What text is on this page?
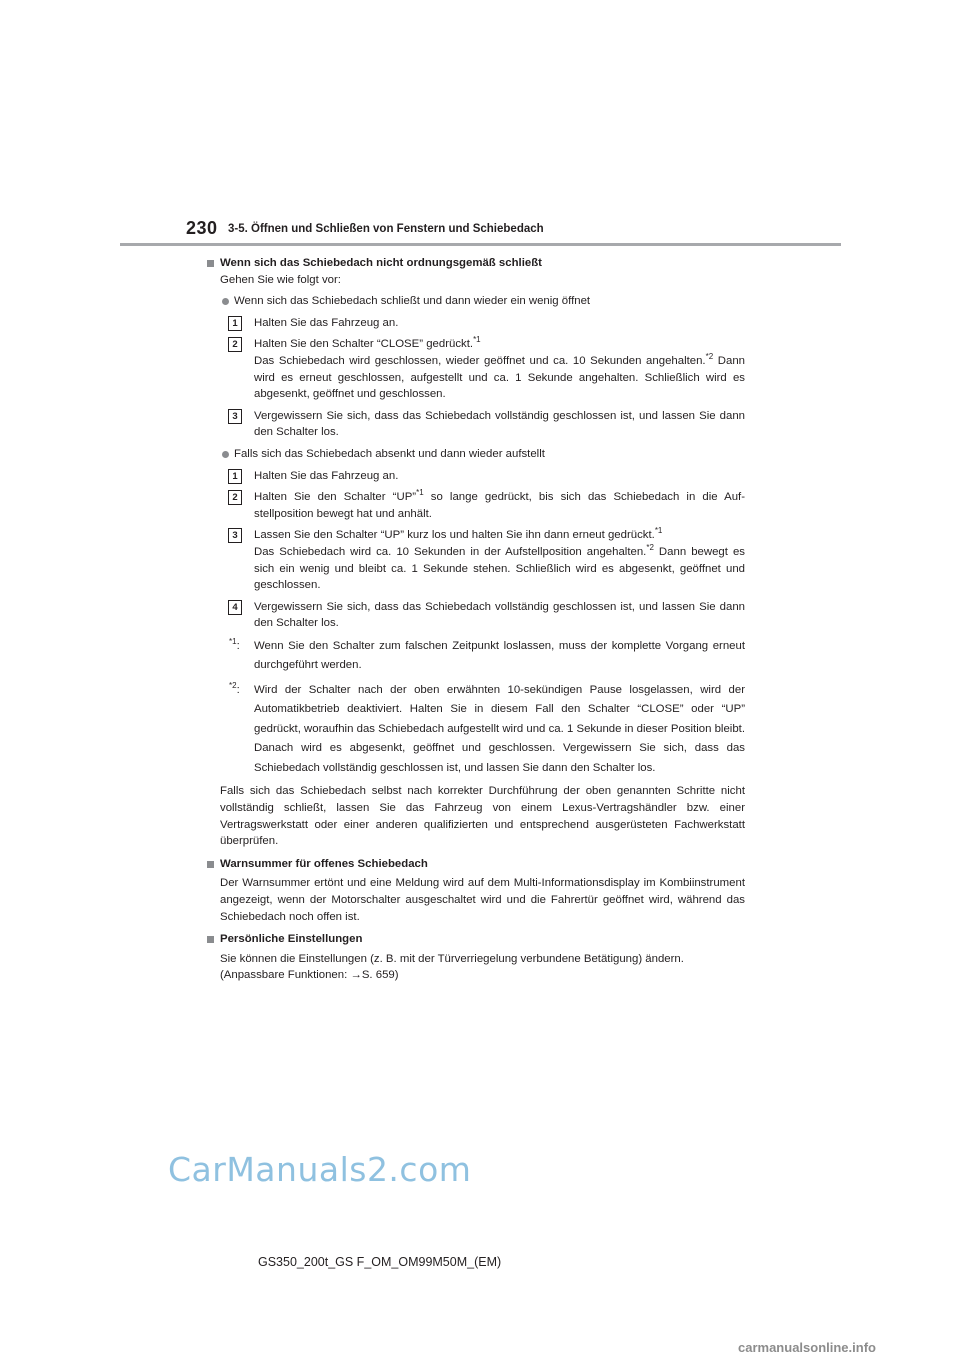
230 3-5. Öffnen und Schließen von Fenstern und Schiebedach
Wenn sich das Schiebedach nicht ordnungsgemäß schließt
Gehen Sie wie folgt vor:
Wenn sich das Schiebedach schließt und dann wieder ein wenig öffnet
1	Halten Sie das Fahrzeug an.
2	Halten Sie den Schalter “CLOSE” gedrückt.$^{*1}$
Das Schiebedach wird geschlossen, wieder geöffnet und ca. 10 Sekunden angehalten.$^{*2}$ Dann wird es erneut geschlossen, aufgestellt und ca. 1 Sekunde angehalten. Schließlich wird es abgesenkt, geöffnet und geschlossen.
3	Vergewissern Sie sich, dass das Schiebedach vollständig geschlossen ist, und lassen Sie dann den Schalter los.
Falls sich das Schiebedach absenkt und dann wieder aufstellt
1	Halten Sie das Fahrzeug an.
2	Halten Sie den Schalter “UP”$^{*1}$ so lange gedrückt, bis sich das Schiebedach in die Aufstellposition bewegt hat und anhält.
3	Lassen Sie den Schalter “UP” kurz los und halten Sie ihn dann erneut gedrückt.$^{*1}$
Das Schiebedach wird ca. 10 Sekunden in der Aufstellposition angehalten.$^{*2}$ Dann bewegt es sich ein wenig und bleibt ca. 1 Sekunde stehen. Schließlich wird es abgesenkt, geöffnet und geschlossen.
4	Vergewissern Sie sich, dass das Schiebedach vollständig geschlossen ist, und lassen Sie dann den Schalter los.
$^{*1}$: Wenn Sie den Schalter zum falschen Zeitpunkt loslassen, muss der komplette Vorgang erneut durchgeführt werden.
$^{*2}$: Wird der Schalter nach der oben erwähnten 10-sekündigen Pause losgelassen, wird der Automatikbetrieb deaktiviert. Halten Sie in diesem Fall den Schalter “CLOSE” oder “UP” gedrückt, woraufhin das Schiebedach aufgestellt wird und ca. 1 Sekunde in dieser Position bleibt. Danach wird es abgesenkt, geöffnet und geschlossen. Vergewissern Sie sich, dass das Schiebedach vollständig geschlossen ist, und lassen Sie dann den Schalter los.
Falls sich das Schiebedach selbst nach korrekter Durchführung der oben genannten Schritte nicht vollständig schließt, lassen Sie das Fahrzeug von einem Lexus-Vertragshändler bzw. einer Vertragswerkstatt oder einer anderen qualifizierten und entsprechend ausgerüsteten Fachwerkstatt überprüfen.
Warnsummer für offenes Schiebedach
Der Warnsummer ertönt und eine Meldung wird auf dem Multi-Informationsdisplay im Kombiinstrument angezeigt, wenn der Motorschalter ausgeschaltet wird und die Fahrertür geöffnet wird, während das Schiebedach noch offen ist.
Persönliche Einstellungen
Sie können die Einstellungen (z. B. mit der Türverriegelung verbundene Betätigung) ändern.
(Anpassbare Funktionen: →S. 659)
CarManuals2.com
GS350_200t_GS F_OM_OM99M50M_(EM)
carmanualsonline.info
